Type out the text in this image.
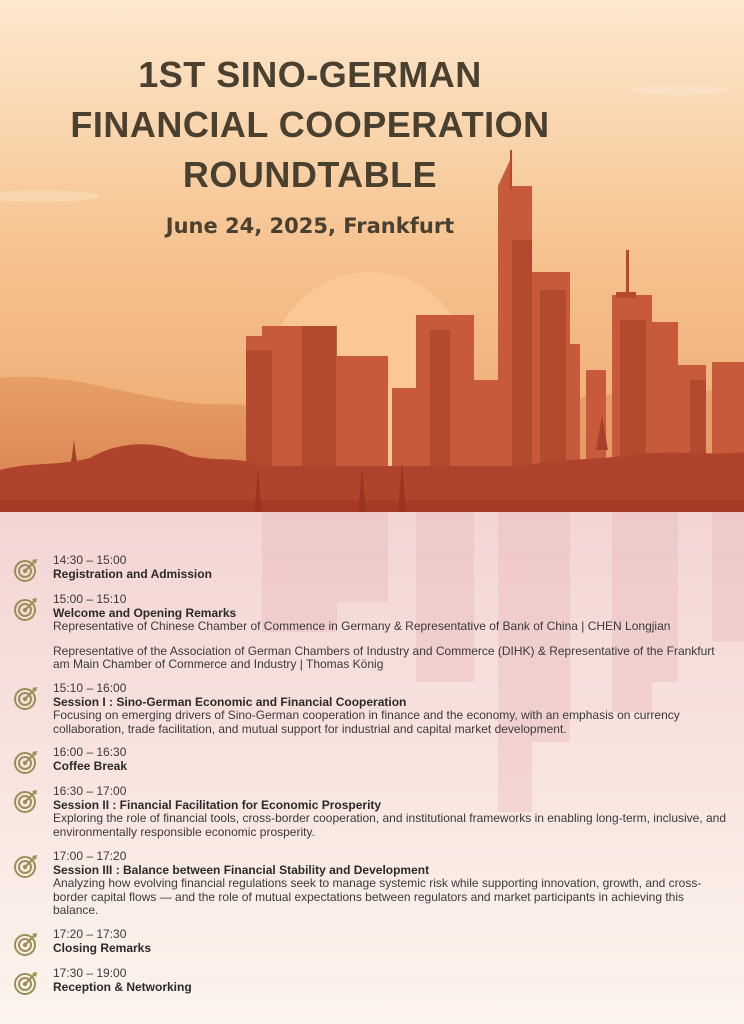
1ST SINO-GERMAN
FINANCIAL COOPERATION
ROUNDTABLE
June 24, 2025, Frankfurt
14:30 – 15:00
Registration and Admission
15:00 – 15:10
Welcome and Opening Remarks
Representative of Chinese Chamber of Commence in Germany & Representative of Bank of China | CHEN Longjian
Representative of the Association of German Chambers of Industry and Commerce (DIHK) & Representative of the Frankfurt am Main Chamber of Commerce and Industry | Thomas König
15:10 – 16:00
Session I : Sino-German Economic and Financial Cooperation
Focusing on emerging drivers of Sino-German cooperation in finance and the economy, with an emphasis on currency collaboration, trade facilitation, and mutual support for industrial and capital market development.
16:00 – 16:30
Coffee Break
16:30 – 17:00
Session II : Financial Facilitation for Economic Prosperity
Exploring the role of financial tools, cross-border cooperation, and institutional frameworks in enabling long-term, inclusive, and environmentally responsible economic prosperity.
17:00 – 17:20
Session III : Balance between Financial Stability and Development
Analyzing how evolving financial regulations seek to manage systemic risk while supporting innovation, growth, and cross-border capital flows — and the role of mutual expectations between regulators and market participants in achieving this balance.
17:20 – 17:30
Closing Remarks
17:30 – 19:00
Reception & Networking
